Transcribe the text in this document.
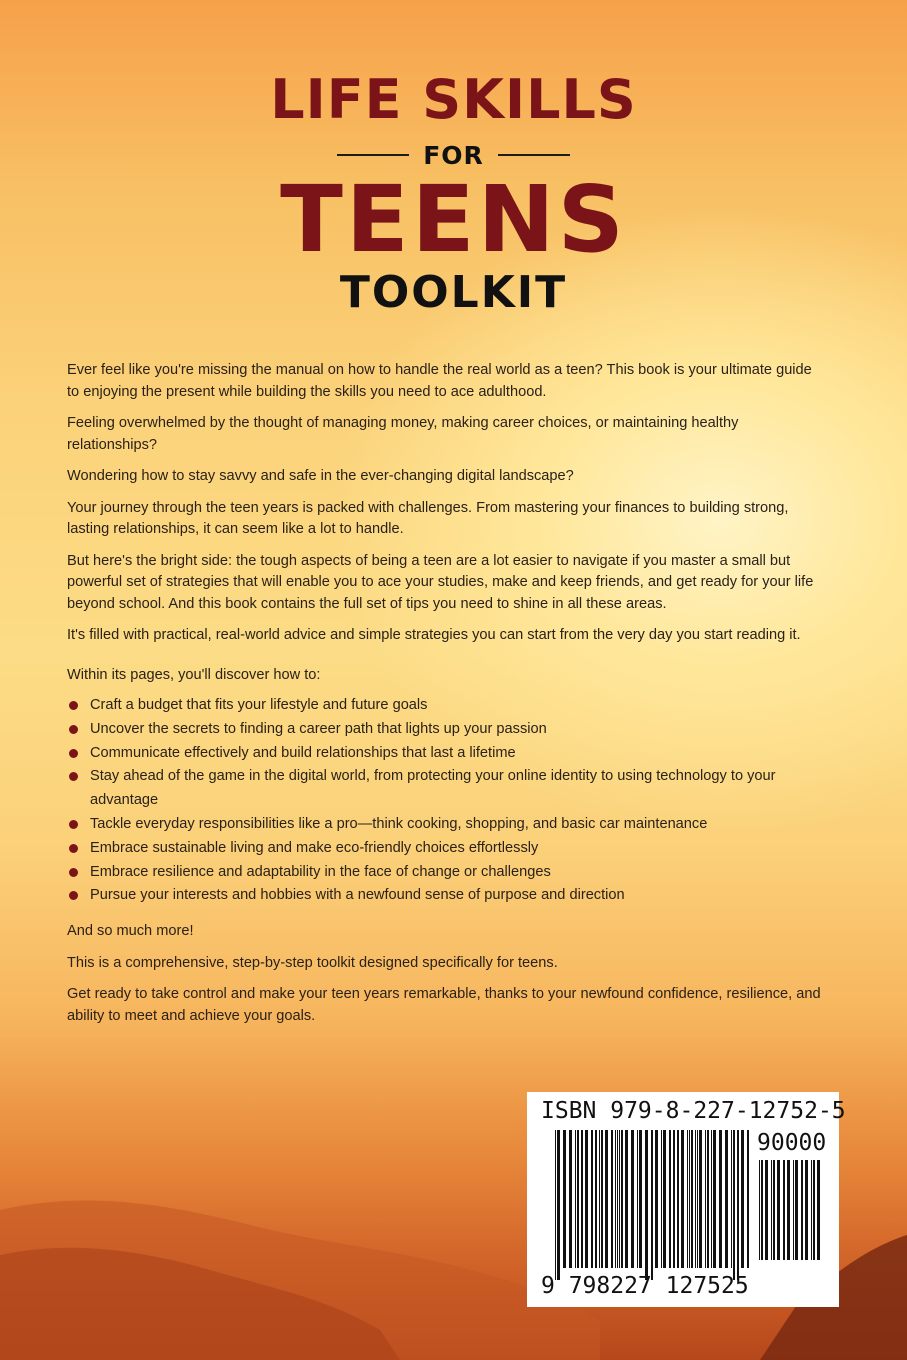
LIFE SKILLS
FOR
TEENS
TOOLKIT

Ever feel like you're missing the manual on how to handle the real world as a teen? This book is your ultimate guide to enjoying the present while building the skills you need to ace adulthood.

Feeling overwhelmed by the thought of managing money, making career choices, or maintaining healthy relationships?

Wondering how to stay savvy and safe in the ever-changing digital landscape?

Your journey through the teen years is packed with challenges. From mastering your finances to building strong, lasting relationships, it can seem like a lot to handle.

But here's the bright side: the tough aspects of being a teen are a lot easier to navigate if you master a small but powerful set of strategies that will enable you to ace your studies, make and keep friends, and get ready for your life beyond school. And this book contains the full set of tips you need to shine in all these areas.

It's filled with practical, real-world advice and simple strategies you can start from the very day you start reading it.

Within its pages, you'll discover how to:

Craft a budget that fits your lifestyle and future goals
Uncover the secrets to finding a career path that lights up your passion
Communicate effectively and build relationships that last a lifetime
Stay ahead of the game in the digital world, from protecting your online identity to using technology to your advantage
Tackle everyday responsibilities like a pro—think cooking, shopping, and basic car maintenance
Embrace sustainable living and make eco-friendly choices effortlessly
Embrace resilience and adaptability in the face of change or challenges
Pursue your interests and hobbies with a newfound sense of purpose and direction

And so much more!

This is a comprehensive, step-by-step toolkit designed specifically for teens.

Get ready to take control and make your teen years remarkable, thanks to your newfound confidence, resilience, and ability to meet and achieve your goals.

ISBN 979-8-227-12752-5
90000
9 798227 127525
